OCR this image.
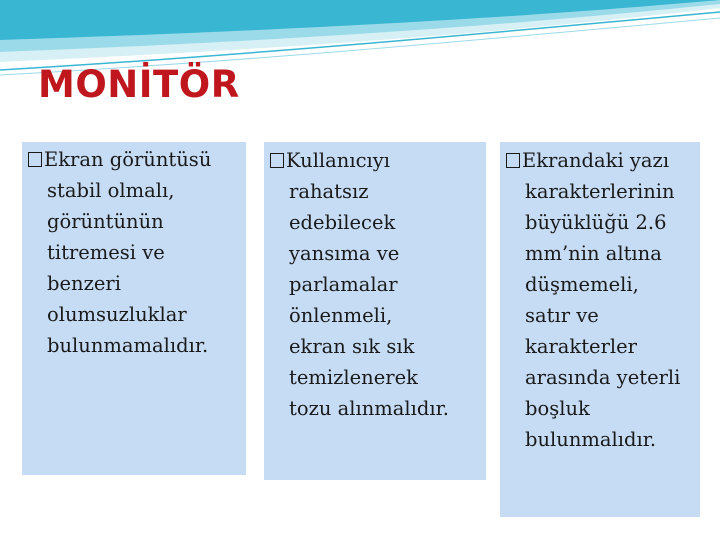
MONİTÖR

Ekran görüntüsü
stabil olmalı,
görüntünün
titremesi ve
benzeri
olumsuzluklar
bulunmamalıdır.

Kullanıcıyı
rahatsız
edebilecek
yansıma ve
parlamalar
önlenmeli,
ekran sık sık
temizlenerek
tozu alınmalıdır.

Ekrandaki yazı
karakterlerinin
büyüklüğü 2.6
mm’nin altına
düşmemeli,
satır ve
karakterler
arasında yeterli
boşluk
bulunmalıdır.
